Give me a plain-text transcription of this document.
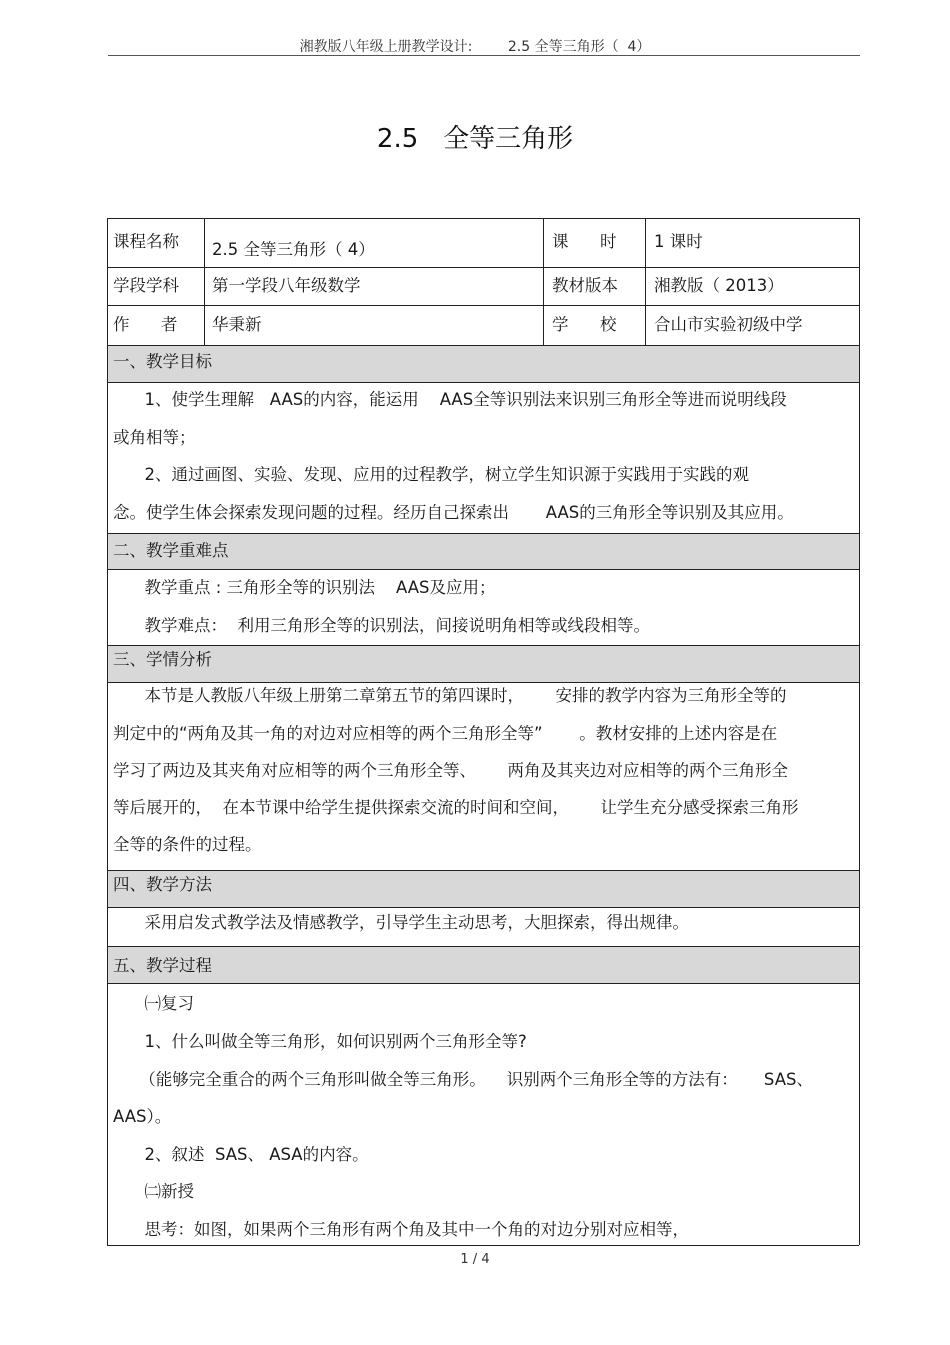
湘教版八年级上册教学设计:        2.5 全等三角形（  4）
2.5   全等三角形
课程名称 2.5 全等三角形（ 4）	课      时 1 课时
学段学科 第一学段八年级数学	教材版本 湘教版（ 2013）
作      者 华秉新	学      校 合山市实验初级中学
一、教学目标
1、使学生理解   AAS的内容，能运用    AAS全等识别法来识别三角形全等进而说明线段
或角相等；
2、通过画图、实验、发现、应用的过程教学，树立学生知识源于实践用于实践的观
念。使学生体会探索发现问题的过程。经历自己探索出       AAS的三角形全等识别及其应用。
二、教学重难点
教学重点 : 三角形全等的识别法    AAS及应用；
教学难点：  利用三角形全等的识别法，间接说明角相等或线段相等。
三、学情分析
本节是人教版八年级上册第二章第五节的第四课时，      安排的教学内容为三角形全等的
判定中的“两角及其一角的对边对应相等的两个三角形全等”       。教材安排的上述内容是在
学习了两边及其夹角对应相等的两个三角形全等、      两角及其夹边对应相等的两个三角形全
等后展开的，  在本节课中给学生提供探索交流的时间和空间，      让学生充分感受探索三角形
全等的条件的过程。
四、教学方法
采用启发式教学法及情感教学，引导学生主动思考，大胆探索，得出规律。
五、教学过程
㈠复习
1、什么叫做全等三角形，如何识别两个三角形全等?
（能够完全重合的两个三角形叫做全等三角形。    识别两个三角形全等的方法有：     SAS、
AAS）。
2、叙述  SAS、 ASA的内容。
㈡新授
思考：如图，如果两个三角形有两个角及其中一个角的对边分别对应相等，
1 / 4
